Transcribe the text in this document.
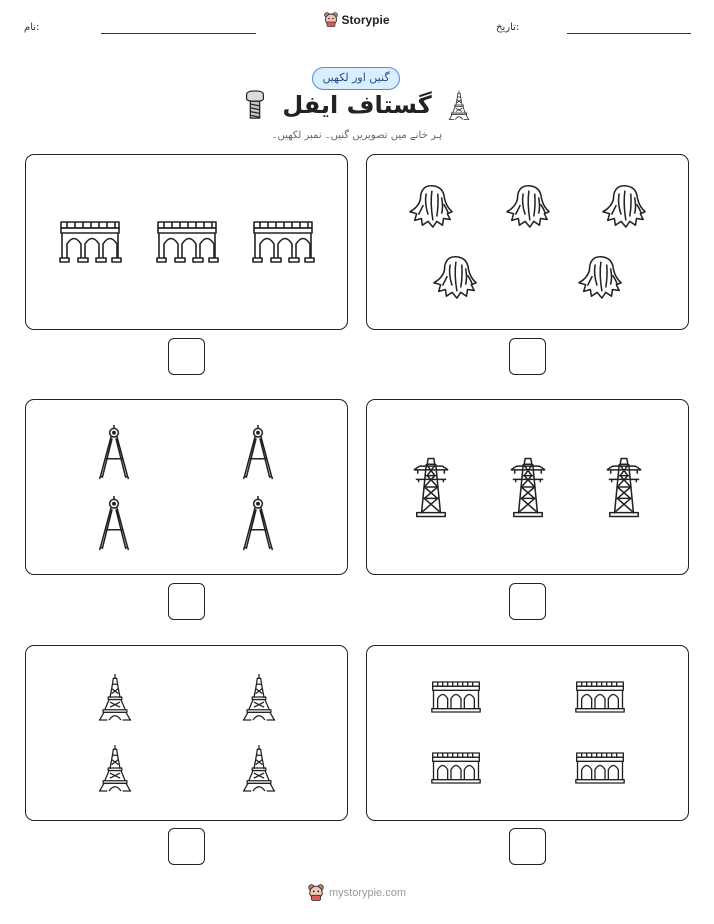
نام:	تاریخ:
Storypie
گنیں اور لکھیں
گستاف ایفل
ہر خانے میں تصویریں گنیں۔ نمبر لکھیں۔
mystorypie.com
